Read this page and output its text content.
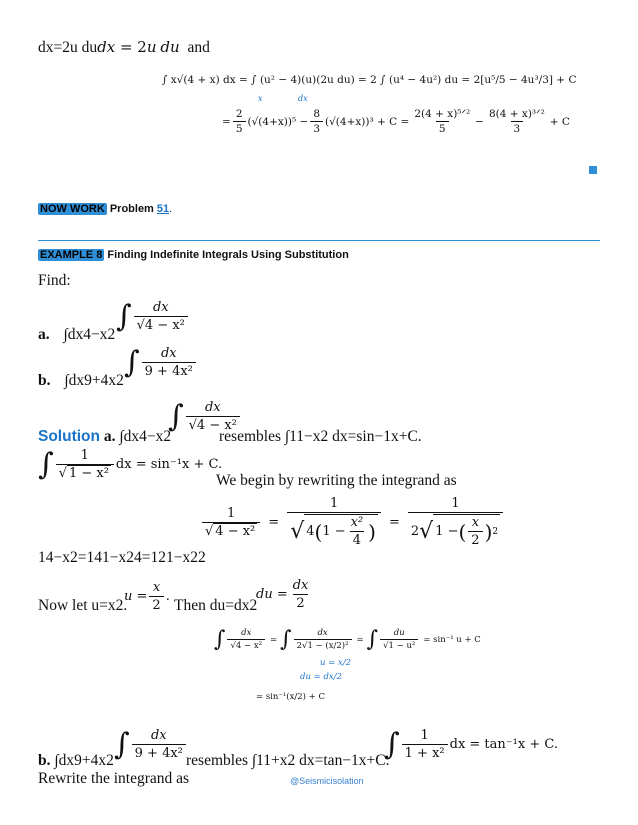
dx=2u dudx = 2u du and
∫ x√(4 + x) dx = ∫ (u² − 4)(u)(2u du) = 2 ∫ (u⁴ − 4u²) du = 2[u⁵/5 − 4u³/3] + C
x	dx
= $\frac{2}{5} (√(4+x))^5 - \frac{8}{3} (√(4+x))^3 + C = \frac{\text{2(4 + x)⁵ᐟ²}}{5} - \frac{\text{8(4 + x)³ᐟ²}}{3} + C$
NOW WORK Problem 51.
EXAMPLE 8 Finding Indefinite Integrals Using Substitution
Find:
a. ∫dx4−x2
∫ $\frac{dx}{\text{√4 − x²}}$
b. ∫dx9+4x2
∫ $\frac{dx}{\text{9 + 4x²}}$
∫ $\frac{dx}{\text{√4 − x²}}$
Solution a. ∫dx4−x2	resembles ∫11−x2 dx=sin−1x+C.
∫ $\frac{1}{\text{√ 1 − x²}}$ dx = sin⁻¹x + C.
We begin by rewriting the integrand as
$\frac{1}{\text{√ 4 − x²}} = \frac{1}{√ 4 ( 1 - \frac{\text{x²}}{4} )} = \frac{1}{2 √ 1 - ( \frac{x}{2} ) 2}$
14−x2=141−x24=121−x22
Now let u=x2.
$u = \frac{x}{2}$ .
Then du=dx2
du = $\frac{dx}{2}$
∫ $\frac{dx}{\text{√4 − x²}}$ = ∫ $\frac{dx}{\text{2√1 − (x/2)²}}$ = ∫ $\frac{du}{\text{√1 − u²}} = \sin^{-1}$ u + C
u = x/2
du = dx/2
= sin⁻¹(x/2) + C
b. ∫dx9+4x2 ∫ $\frac{dx}{\text{9 + 4x²}}$ resembles ∫11+x2 dx=tan−1x+C.
∫ $\frac{1}{\text{1 + x²}}$ dx = tan⁻¹x + C.
Rewrite the integrand as	@Seismicisolation
